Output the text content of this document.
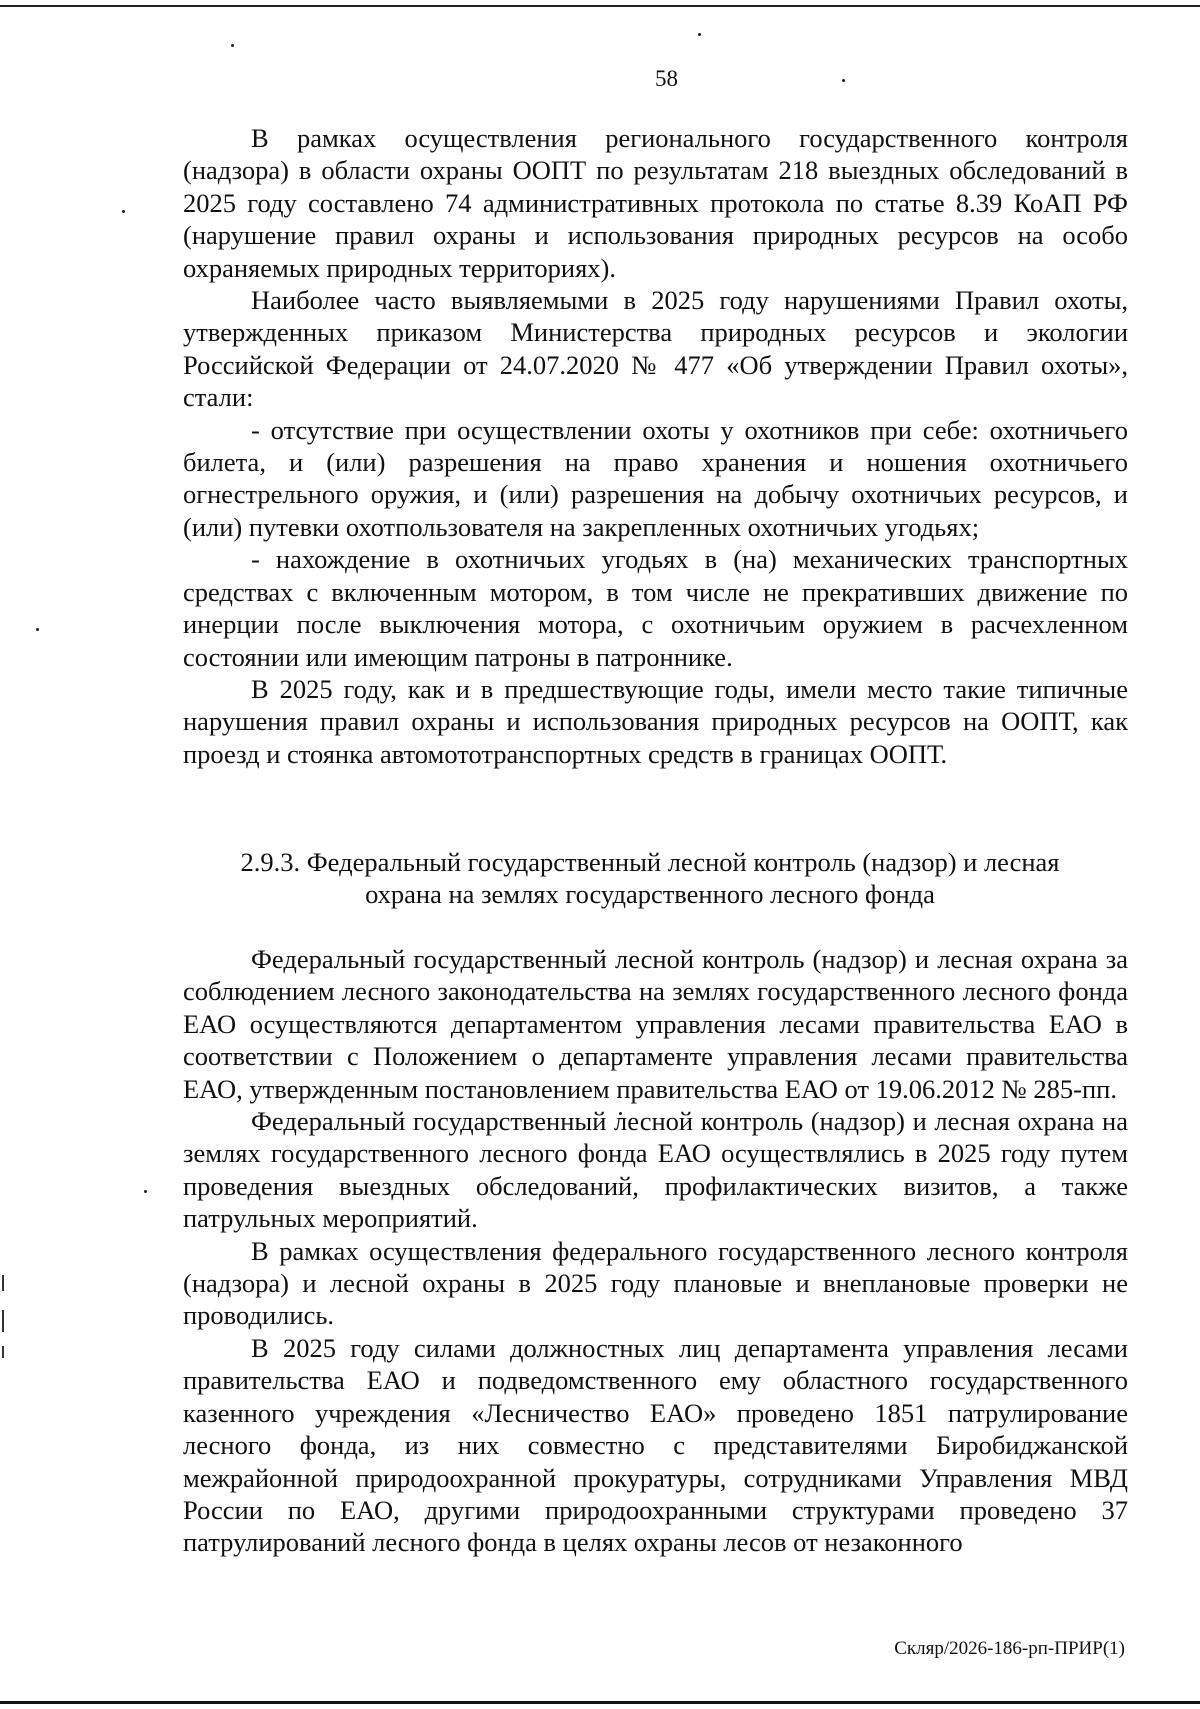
58

В рамках осуществления регионального государственного контроля (надзора) в области охраны ООПТ по результатам 218 выездных обследований в 2025 году составлено 74 административных протокола по статье 8.39 КоАП РФ (нарушение правил охраны и использования природных ресурсов на особо охраняемых природных территориях).

Наиболее часто выявляемыми в 2025 году нарушениями Правил охоты, утвержденных приказом Министерства природных ресурсов и экологии Российской Федерации от 24.07.2020 № 477 «Об утверждении Правил охоты», стали:

- отсутствие при осуществлении охоты у охотников при себе: охотничьего билета, и (или) разрешения на право хранения и ношения охотничьего огнестрельного оружия, и (или) разрешения на добычу охотничьих ресурсов, и (или) путевки охотпользователя на закрепленных охотничьих угодьях;

- нахождение в охотничьих угодьях в (на) механических транспортных средствах с включенным мотором, в том числе не прекративших движение по инерции после выключения мотора, с охотничьим оружием в расчехленном состоянии или имеющим патроны в патроннике.

В 2025 году, как и в предшествующие годы, имели место такие типичные нарушения правил охраны и использования природных ресурсов на ООПТ, как проезд и стоянка автомототранспортных средств в границах ООПТ.

2.9.3. Федеральный государственный лесной контроль (надзор) и лесная
охрана на землях государственного лесного фонда

Федеральный государственный лесной контроль (надзор) и лесная охрана за соблюдением лесного законодательства на землях государственного лесного фонда ЕАО осуществляются департаментом управления лесами правительства ЕАО в соответствии с Положением о департаменте управления лесами правительства ЕАО, утвержденным постановлением правительства ЕАО от 19.06.2012 № 285-пп.

Федеральный государственный лесной контроль (надзор) и лесная охрана на землях государственного лесного фонда ЕАО осуществлялись в 2025 году путем проведения выездных обследований, профилактических визитов, а также патрульных мероприятий.

В рамках осуществления федерального государственного лесного контроля (надзора) и лесной охраны в 2025 году плановые и внеплановые проверки не проводились.

В 2025 году силами должностных лиц департамента управления лесами правительства ЕАО и подведомственного ему областного государственного казенного учреждения «Лесничество ЕАО» проведено 1851 патрулирование лесного фонда, из них совместно с представителями Биробиджанской межрайонной природоохранной прокуратуры, сотрудниками Управления МВД России по ЕАО, другими природоохранными структурами проведено 37 патрулирований лесного фонда в целях охраны лесов от незаконного

Скляр/2026-186-рп-ПРИР(1)
